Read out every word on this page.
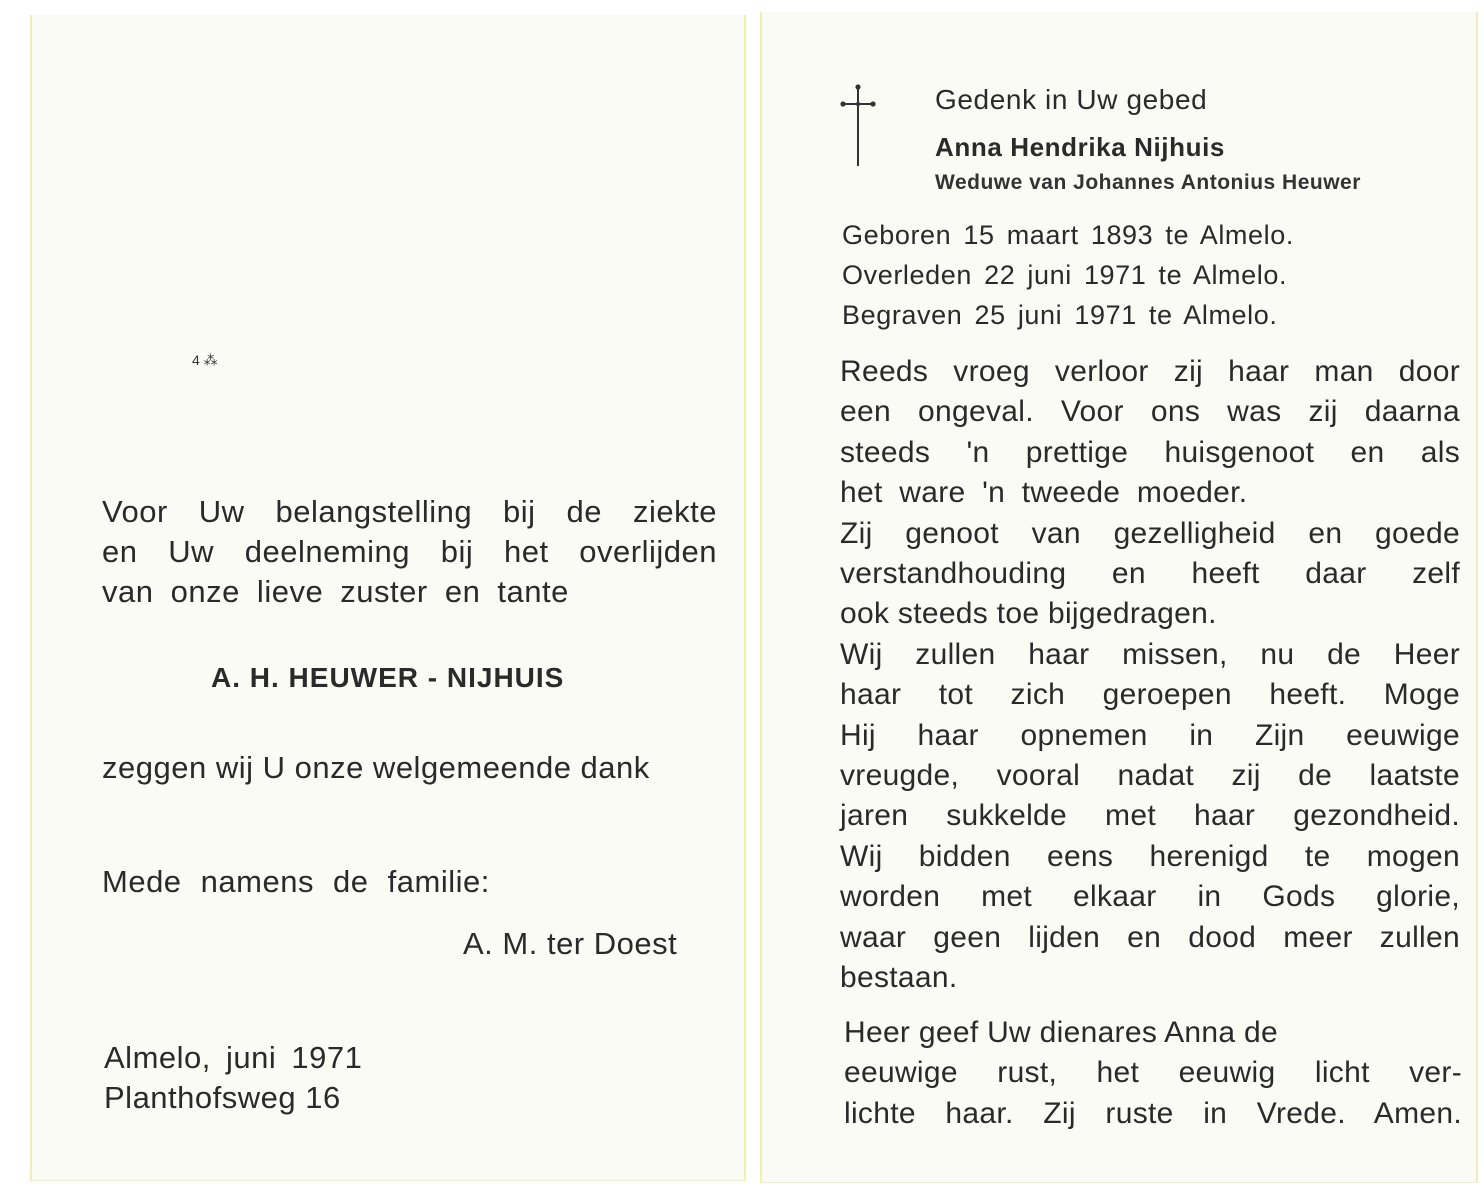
4 ⁂
Voor Uw belangstelling bij de ziekte
en Uw deelneming bij het overlijden
van onze lieve zuster en tante
A. H. HEUWER - NIJHUIS
zeggen wij U onze welgemeende dank
Mede namens de familie:
A. M. ter Doest
Almelo, juni 1971
Planthofsweg 16
Gedenk in Uw gebed
Anna Hendrika Nijhuis
Weduwe van Johannes Antonius Heuwer
Geboren 15 maart 1893 te Almelo.
Overleden 22 juni 1971 te Almelo.
Begraven 25 juni 1971 te Almelo.
Reeds vroeg verloor zij haar man door
een ongeval. Voor ons was zij daarna
steeds 'n prettige huisgenoot en als
het ware 'n tweede moeder.
Zij genoot van gezelligheid en goede
verstandhouding en heeft daar zelf
ook steeds toe bijgedragen.
Wij zullen haar missen, nu de Heer
haar tot zich geroepen heeft. Moge
Hij haar opnemen in Zijn eeuwige
vreugde, vooral nadat zij de laatste
jaren sukkelde met haar gezondheid.
Wij bidden eens herenigd te mogen
worden met elkaar in Gods glorie,
waar geen lijden en dood meer zullen
bestaan.
Heer geef Uw dienares Anna de
eeuwige rust, het eeuwig licht ver-
lichte haar. Zij ruste in Vrede. Amen.
